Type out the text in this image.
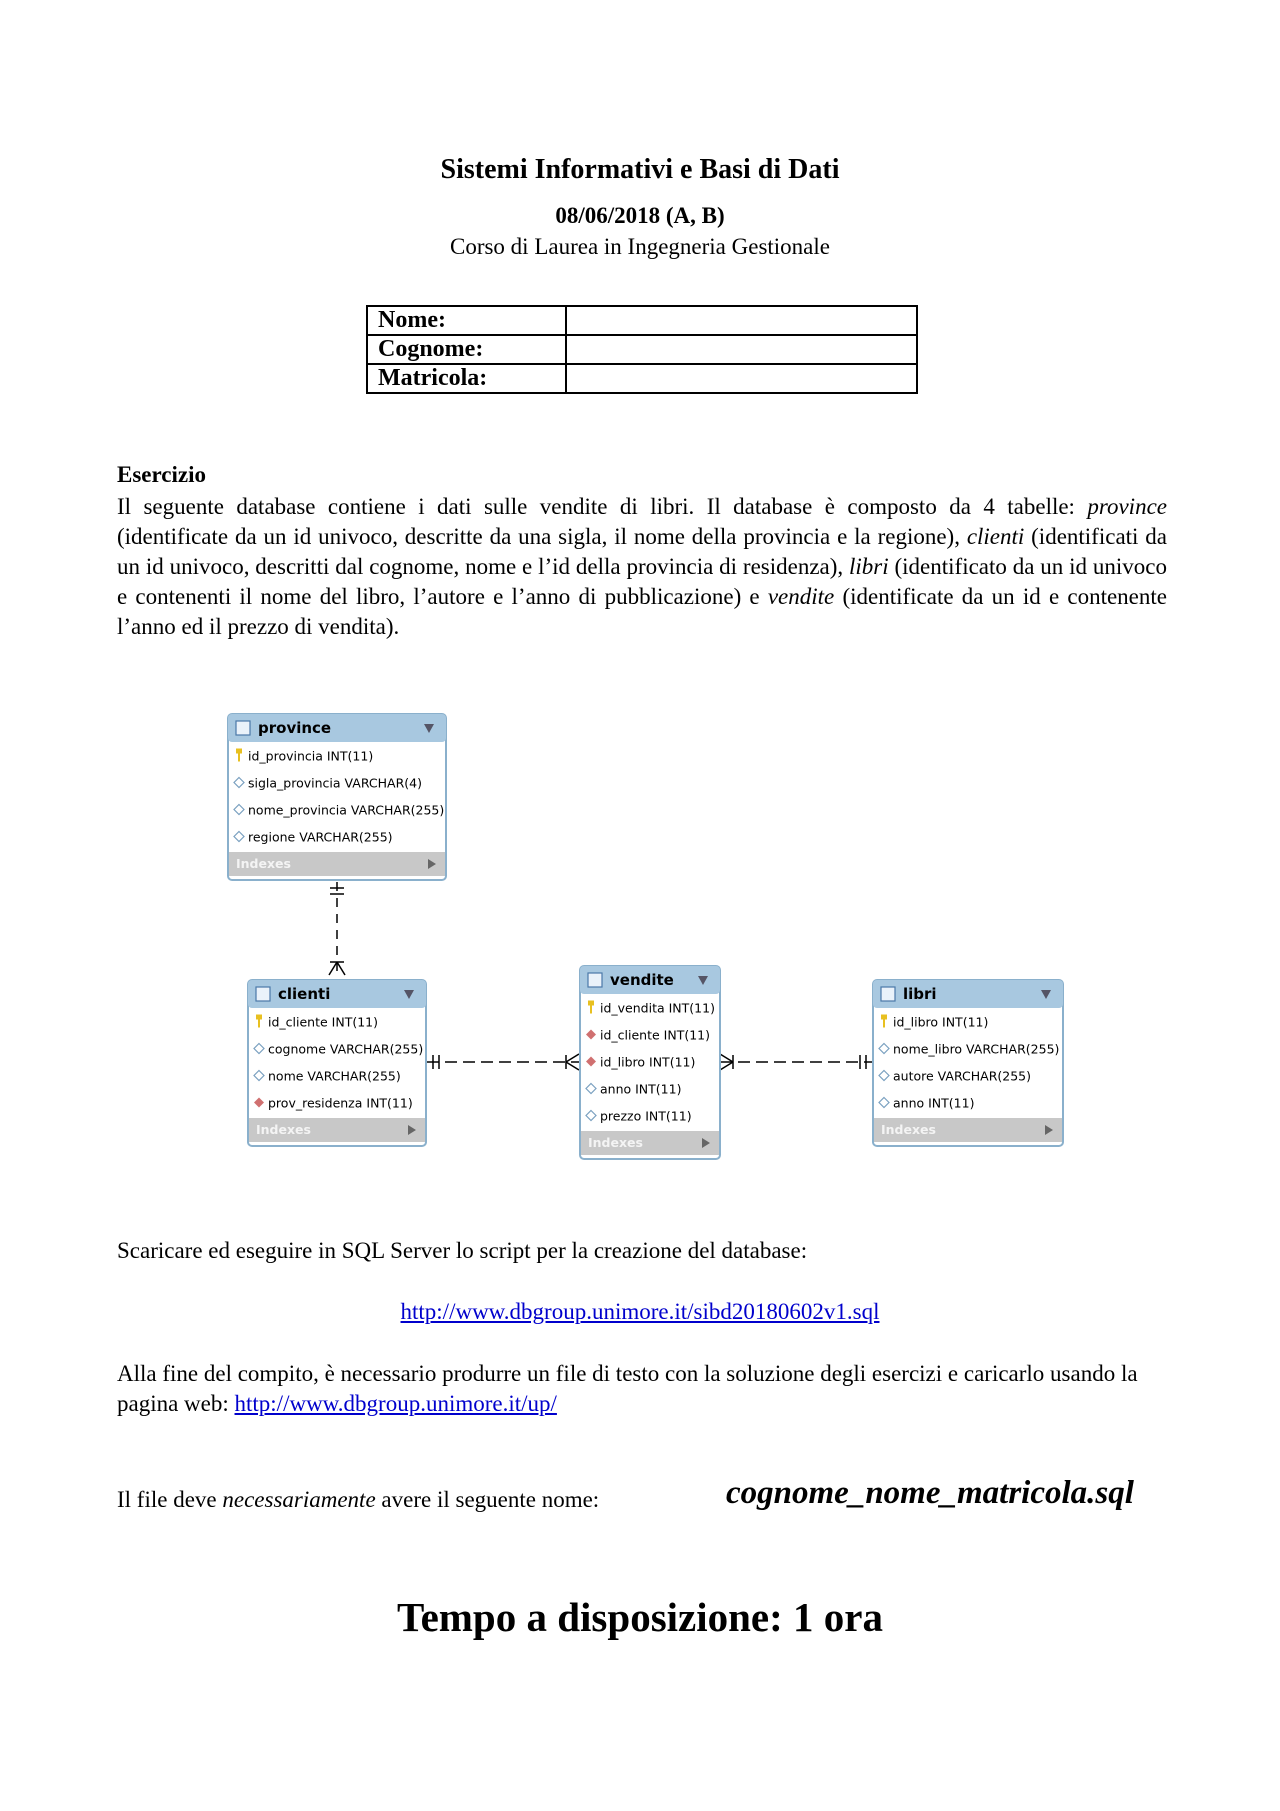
Sistemi Informativi e Basi di Dati
08/06/2018 (A, B)
Corso di Laurea in Ingegneria Gestionale
Nome:	
Cognome:	
Matricola:	
Esercizio
Il seguente database contiene i dati sulle vendite di libri. Il database è composto da 4 tabelle: province (identificate da un id univoco, descritte da una sigla, il nome della provincia e la regione), clienti (identificati da un id univoco, descritti dal cognome, nome e l’id della provincia di residenza), libri (identificato da un id univoco e contenenti il nome del libro, l’autore e l’anno di pubblicazione) e vendite (identificate da un id e contenente l’anno ed il prezzo di vendita).
province
id_provincia INT(11)
sigla_provincia VARCHAR(4)
nome_provincia VARCHAR(255)
regione VARCHAR(255)
Indexes
clienti
id_cliente INT(11)
cognome VARCHAR(255)
nome VARCHAR(255)
prov_residenza INT(11)
Indexes
vendite
id_vendita INT(11)
id_cliente INT(11)
id_libro INT(11)
anno INT(11)
prezzo INT(11)
Indexes
libri
id_libro INT(11)
nome_libro VARCHAR(255)
autore VARCHAR(255)
anno INT(11)
Indexes
Scaricare ed eseguire in SQL Server lo script per la creazione del database:
http://www.dbgroup.unimore.it/sibd20180602v1.sql
Alla fine del compito, è necessario produrre un file di testo con la soluzione degli esercizi e caricarlo usando la pagina web: http://www.dbgroup.unimore.it/up/
Il file deve necessariamente avere il seguente nome:	cognome_nome_matricola.sql
Tempo a disposizione: 1 ora
